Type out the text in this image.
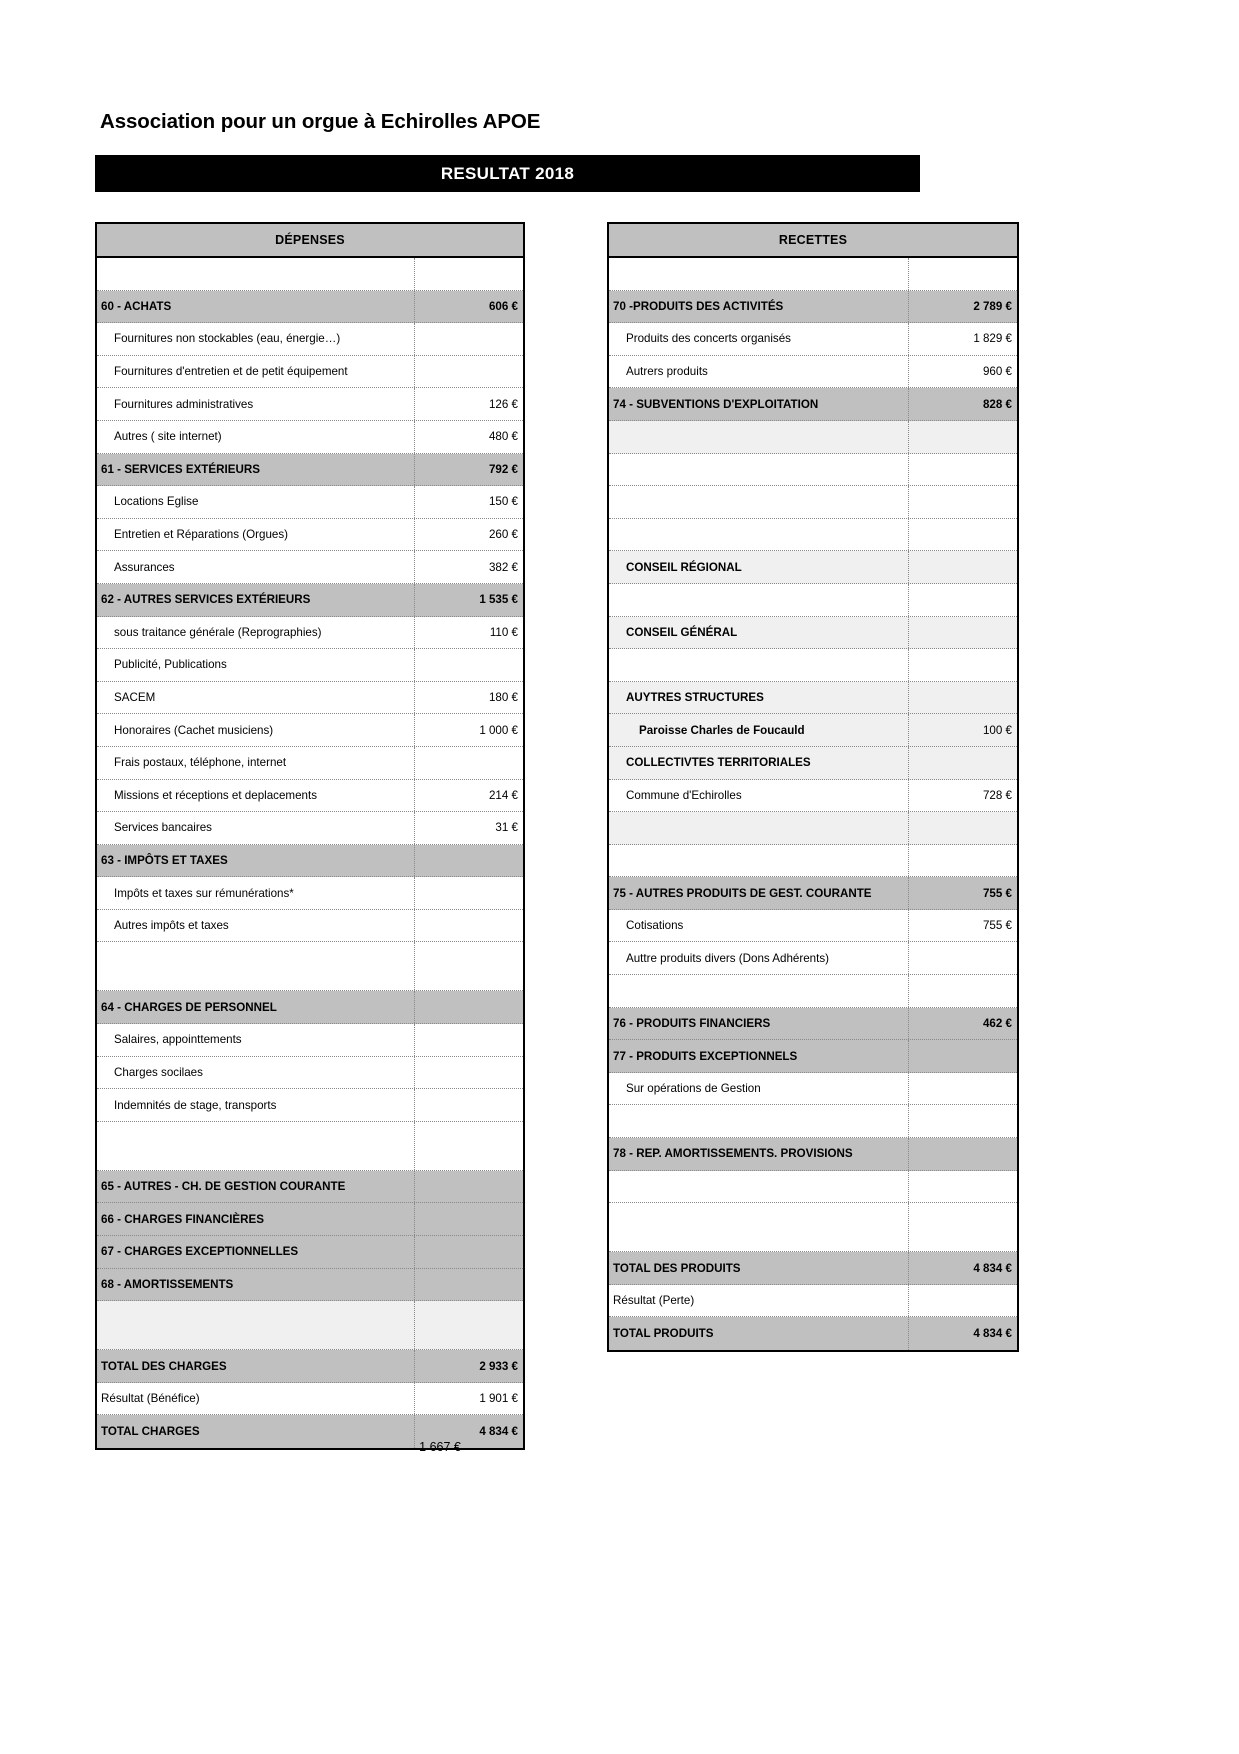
Association pour un orgue à Echirolles APOE
RESULTAT 2018
DÉPENSES
60 - ACHATS	606 €
Fournitures non stockables (eau, énergie…)
Fournitures d'entretien et de petit équipement
Fournitures administratives	126 €
Autres ( site internet)	480 €
61 - SERVICES EXTÉRIEURS	792 €
Locations Eglise	150 €
Entretien et Réparations (Orgues)	260 €
Assurances	382 €
62 - AUTRES SERVICES EXTÉRIEURS	1 535 €
sous traitance générale (Reprographies)	110 €
Publicité, Publications
SACEM	180 €
Honoraires (Cachet musiciens)	1 000 €
Frais postaux, téléphone, internet
Missions et réceptions et deplacements	214 €
Services bancaires	31 €
63 - IMPÔTS ET TAXES
Impôts et taxes sur rémunérations*
Autres impôts et taxes
64 - CHARGES DE PERSONNEL
Salaires, appointtements
Charges socilaes
Indemnités de stage, transports
65 - AUTRES - CH. DE GESTION COURANTE
66 - CHARGES FINANCIÈRES
67 - CHARGES EXCEPTIONNELLES
68 - AMORTISSEMENTS
TOTAL DES CHARGES	2 933 €
Résultat (Bénéfice)	1 901 €
TOTAL CHARGES	4 834 €
RECETTES
70 -PRODUITS DES ACTIVITÉS	2 789 €
Produits des concerts organisés	1 829 €
Autrers produits	960 €
74 - SUBVENTIONS D'EXPLOITATION	828 €
CONSEIL RÉGIONAL
CONSEIL GÉNÉRAL
AUYTRES STRUCTURES
Paroisse Charles de Foucauld	100 €
COLLECTIVTES TERRITORIALES
Commune d'Echirolles	728 €
75 - AUTRES PRODUITS DE GEST. COURANTE	755 €
Cotisations	755 €
Auttre produits divers (Dons Adhérents)
76 - PRODUITS FINANCIERS	462 €
77 - PRODUITS EXCEPTIONNELS
Sur opérations de Gestion
78 - REP. AMORTISSEMENTS. PROVISIONS
TOTAL DES PRODUITS	4 834 €
Résultat (Perte)
TOTAL PRODUITS	4 834 €
1 667 €
